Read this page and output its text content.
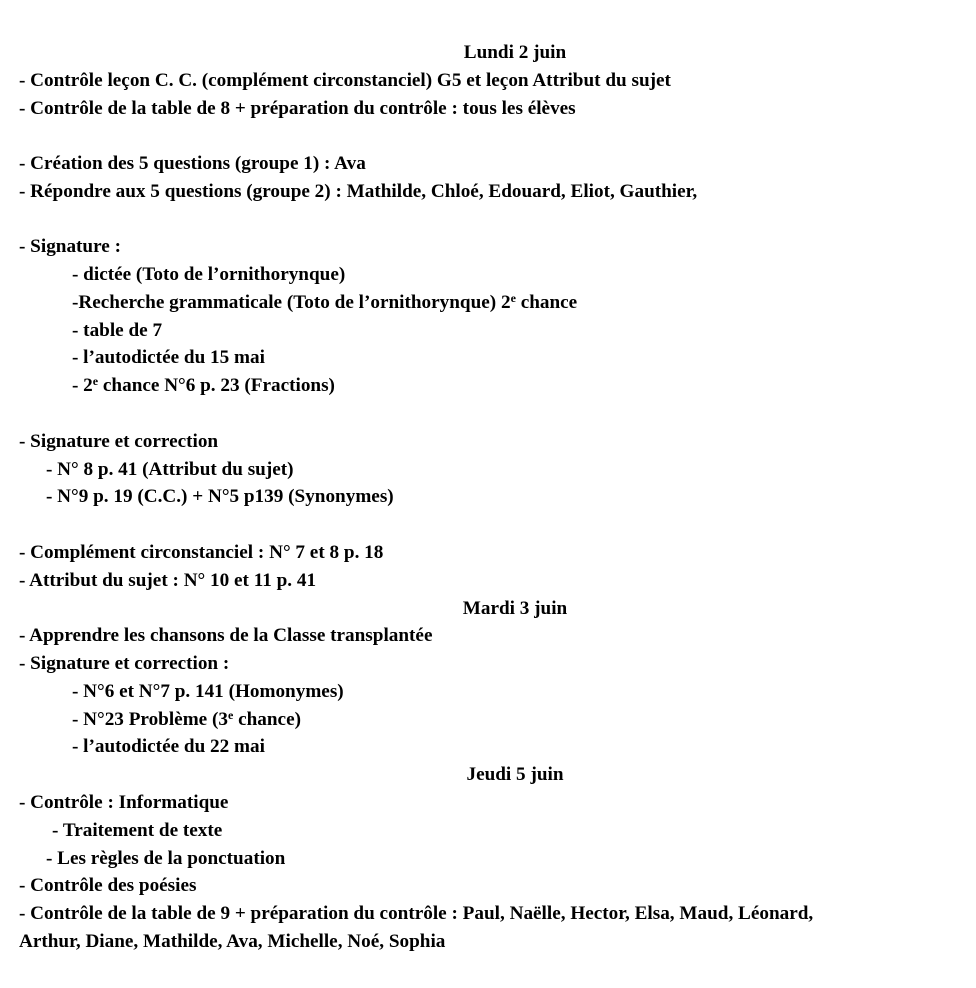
Lundi 2 juin
- Contrôle leçon C. C. (complément circonstanciel) G5 et leçon Attribut du sujet
- Contrôle de la table de 8 + préparation du contrôle : tous les élèves
- Création des 5 questions (groupe 1) : Ava
- Répondre aux 5 questions (groupe 2) : Mathilde, Chloé, Edouard, Eliot, Gauthier,
- Signature :
- dictée (Toto de l’ornithorynque)
-Recherche grammaticale (Toto de l’ornithorynque) 2e chance
- table de 7
- l’autodictée du 15 mai
- 2e chance N°6 p. 23 (Fractions)
- Signature et correction
- N° 8 p. 41 (Attribut du sujet)
- N°9 p. 19 (C.C.) + N°5 p139 (Synonymes)
- Complément circonstanciel : N° 7 et 8 p. 18
- Attribut du sujet : N° 10 et 11 p. 41
Mardi 3 juin
- Apprendre les chansons de la Classe transplantée
- Signature et correction :
- N°6 et N°7 p. 141 (Homonymes)
- N°23 Problème (3e chance)
- l’autodictée du 22 mai
Jeudi 5 juin
- Contrôle : Informatique
- Traitement de texte
- Les règles de la ponctuation
- Contrôle des poésies
- Contrôle de la table de 9 + préparation du contrôle : Paul, Naëlle, Hector, Elsa, Maud, Léonard,
Arthur, Diane, Mathilde, Ava, Michelle, Noé, Sophia
